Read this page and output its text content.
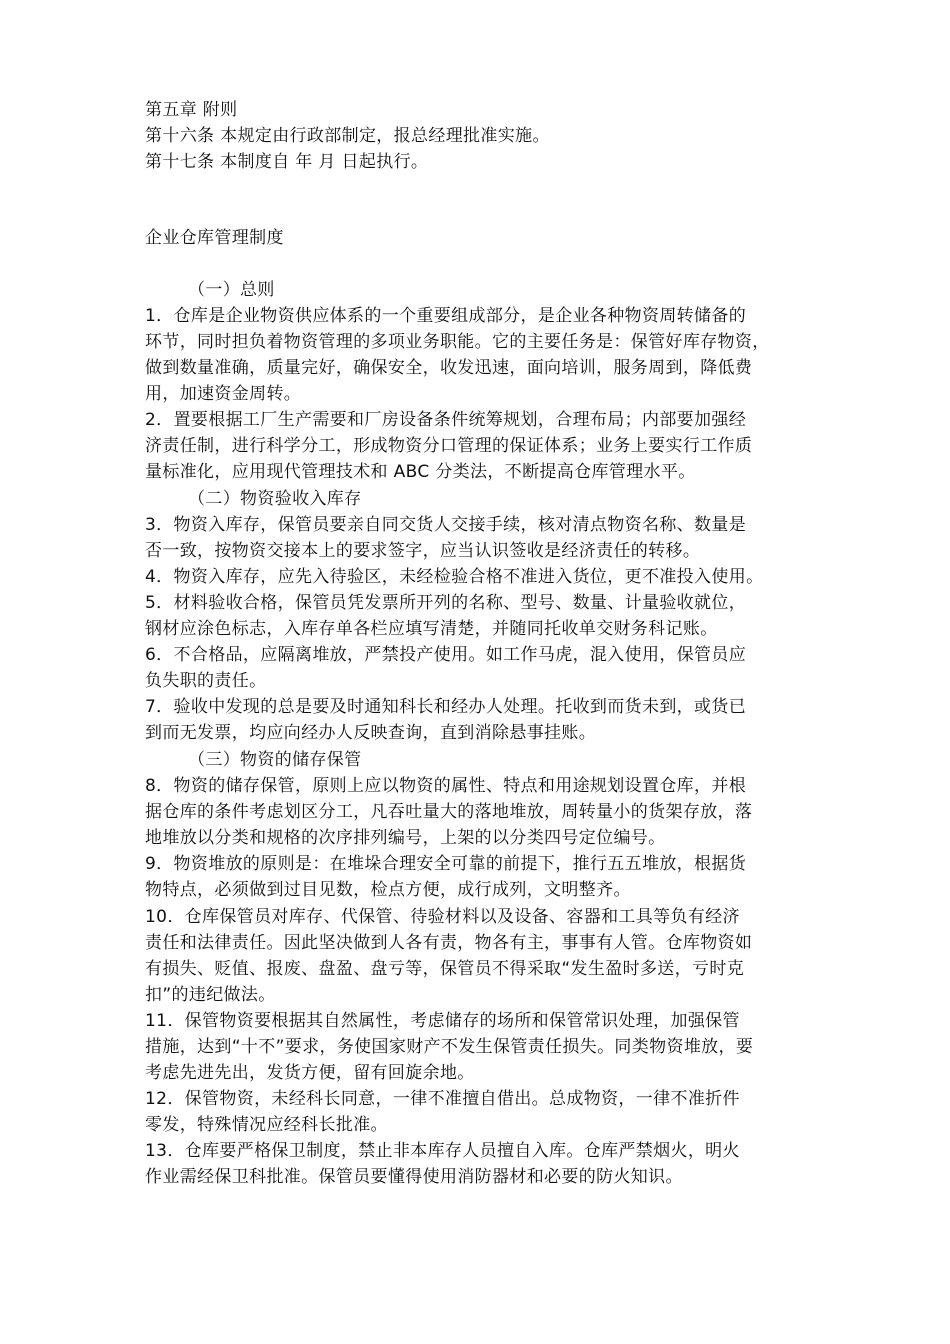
第五章 附则
第十六条 本规定由行政部制定，报总经理批准实施。
第十七条 本制度自 年 月 日起执行。
企业仓库管理制度
（一）总则
1．仓库是企业物资供应体系的一个重要组成部分，是企业各种物资周转储备的
环节，同时担负着物资管理的多项业务职能。它的主要任务是：保管好库存物资，
做到数量准确，质量完好，确保安全，收发迅速，面向培训，服务周到，降低费
用，加速资金周转。
2．置要根据工厂生产需要和厂房设备条件统筹规划，合理布局；内部要加强经
济责任制，进行科学分工，形成物资分口管理的保证体系；业务上要实行工作质
量标准化，应用现代管理技术和 ABC 分类法，不断提高仓库管理水平。
（二）物资验收入库存
3．物资入库存，保管员要亲自同交货人交接手续，核对清点物资名称、数量是
否一致，按物资交接本上的要求签字，应当认识签收是经济责任的转移。
4．物资入库存，应先入待验区，未经检验合格不准进入货位，更不准投入使用。
5．材料验收合格，保管员凭发票所开列的名称、型号、数量、计量验收就位，
钢材应涂色标志，入库存单各栏应填写清楚，并随同托收单交财务科记账。
6．不合格品，应隔离堆放，严禁投产使用。如工作马虎，混入使用，保管员应
负失职的责任。
7．验收中发现的总是要及时通知科长和经办人处理。托收到而货未到，或货已
到而无发票，均应向经办人反映查询，直到消除悬事挂账。
（三）物资的储存保管
8．物资的储存保管，原则上应以物资的属性、特点和用途规划设置仓库，并根
据仓库的条件考虑划区分工，凡吞吐量大的落地堆放，周转量小的货架存放，落
地堆放以分类和规格的次序排列编号，上架的以分类四号定位编号。
9．物资堆放的原则是：在堆垛合理安全可靠的前提下，推行五五堆放，根据货
物特点，必须做到过目见数，检点方便，成行成列，文明整齐。
10．仓库保管员对库存、代保管、待验材料以及设备、容器和工具等负有经济
责任和法律责任。因此坚决做到人各有责，物各有主，事事有人管。仓库物资如
有损失、贬值、报废、盘盈、盘亏等，保管员不得采取“发生盈时多送，亏时克
扣”的违纪做法。
11．保管物资要根据其自然属性，考虑储存的场所和保管常识处理，加强保管
措施，达到“十不”要求，务使国家财产不发生保管责任损失。同类物资堆放，要
考虑先进先出，发货方便，留有回旋余地。
12．保管物资，未经科长同意，一律不准擅自借出。总成物资，一律不准折件
零发，特殊情况应经科长批准。
13．仓库要严格保卫制度，禁止非本库存人员擅自入库。仓库严禁烟火，明火
作业需经保卫科批准。保管员要懂得使用消防器材和必要的防火知识。
